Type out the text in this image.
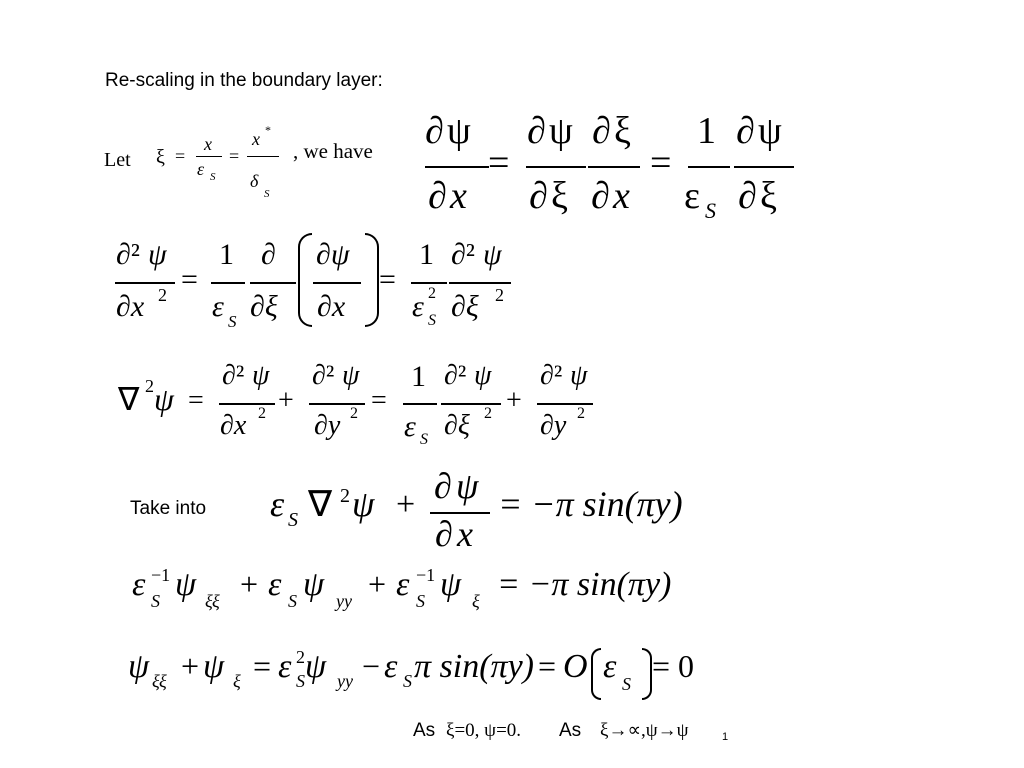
Re-scaling in the boundary layer:
Let ξ =
x
ε S
=
x *
δ
S
, we have ∂ ψ
∂ x
=
∂ ψ
∂ ξ
∂ ξ
∂ x
=
1
ε S
∂ ψ
∂ ξ
∂² ψ
∂x 2 =
1
ε S
∂
∂ξ
∂ψ
∂x
=
1
ε 2
S
∂² ψ
∂ξ 2
∇ 2 ψ =
∂² ψ
∂x 2 +
∂² ψ
∂y 2 =
1
ε S
∂² ψ
∂ξ 2 +
∂² ψ
∂y 2
Take into ε S ∇ 2 ψ + ∂ ψ
∂ x
= −π sin(πy)
ε −1
S ψ ξξ + ε S ψ yy + ε −1
S ψ ξ = −π sin(πy)
ψ ξξ + ψ ξ = ε 2
S ψ yy − ε S π sin(πy) = O ε S = 0
As ξ=0, ψ=0. As ξ→∝,ψ→ψ	1
